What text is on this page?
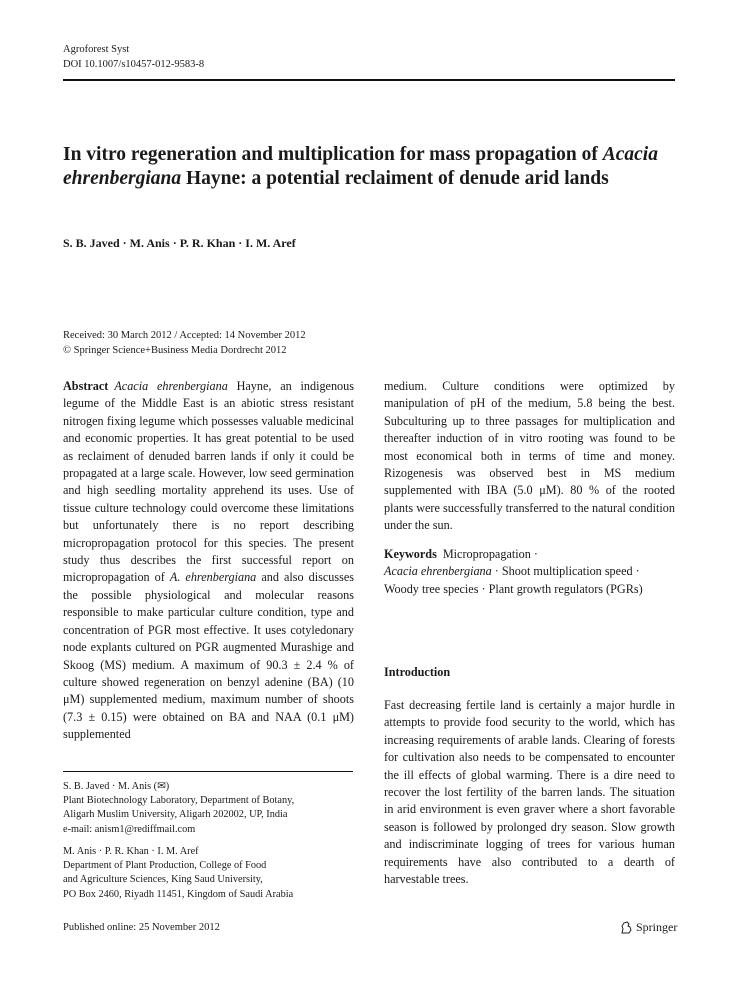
Agroforest Syst
DOI 10.1007/s10457-012-9583-8
In vitro regeneration and multiplication for mass propagation of Acacia ehrenbergiana Hayne: a potential reclaiment of denude arid lands
S. B. Javed · M. Anis · P. R. Khan · I. M. Aref
Received: 30 March 2012 / Accepted: 14 November 2012
© Springer Science+Business Media Dordrecht 2012

Abstract Acacia ehrenbergiana Hayne, an indigenous legume of the Middle East is an abiotic stress resistant nitrogen fixing legume which possesses valuable medicinal and economic properties. It has great potential to be used as reclaiment of denuded barren lands if only it could be propagated at a large scale. However, low seed germination and high seedling mortality apprehend its uses. Use of tissue culture technology could overcome these limitations but unfortunately there is no report describing micropropagation protocol for this species. The present study thus describes the first successful report on micropropagation of A. ehrenbergiana and also discusses the possible physiological and molecular reasons responsible to make particular culture condition, type and concentration of PGR most effective. It uses cotyledonary node explants cultured on PGR augmented Murashige and Skoog (MS) medium. A maximum of 90.3 ± 2.4 % of culture showed regeneration on benzyl adenine (BA) (10 μM) supplemented medium, maximum number of shoots (7.3 ± 0.15) were obtained on BA and NAA (0.1 μM) supplemented

medium. Culture conditions were optimized by manipulation of pH of the medium, 5.8 being the best. Subculturing up to three passages for multiplication and thereafter induction of in vitro rooting was found to be most economical both in terms of time and money. Rizogenesis was observed best in MS medium supplemented with IBA (5.0 μM). 80 % of the rooted plants were successfully transferred to the natural condition under the sun.

Keywords Micropropagation ·
Acacia ehrenbergiana · Shoot multiplication speed ·
Woody tree species · Plant growth regulators (PGRs)
Introduction

Fast decreasing fertile land is certainly a major hurdle in attempts to provide food security to the world, which has increasing requirements of arable lands. Clearing of forests for cultivation also needs to be compensated to encounter the ill effects of global warming. There is a dire need to recover the lost fertility of the barren lands. The situation in arid environment is even graver where a short favorable season is followed by prolonged dry season. Slow growth and indiscriminate logging of trees for various human requirements have also contributed to a dearth of harvestable trees.

S. B. Javed · M. Anis (✉)
Plant Biotechnology Laboratory, Department of Botany,
Aligarh Muslim University, Aligarh 202002, UP, India
e-mail: anism1@rediffmail.com
M. Anis · P. R. Khan · I. M. Aref
Department of Plant Production, College of Food
and Agriculture Sciences, King Saud University,
PO Box 2460, Riyadh 11451, Kingdom of Saudi Arabia
Published online: 25 November 2012	Springer
